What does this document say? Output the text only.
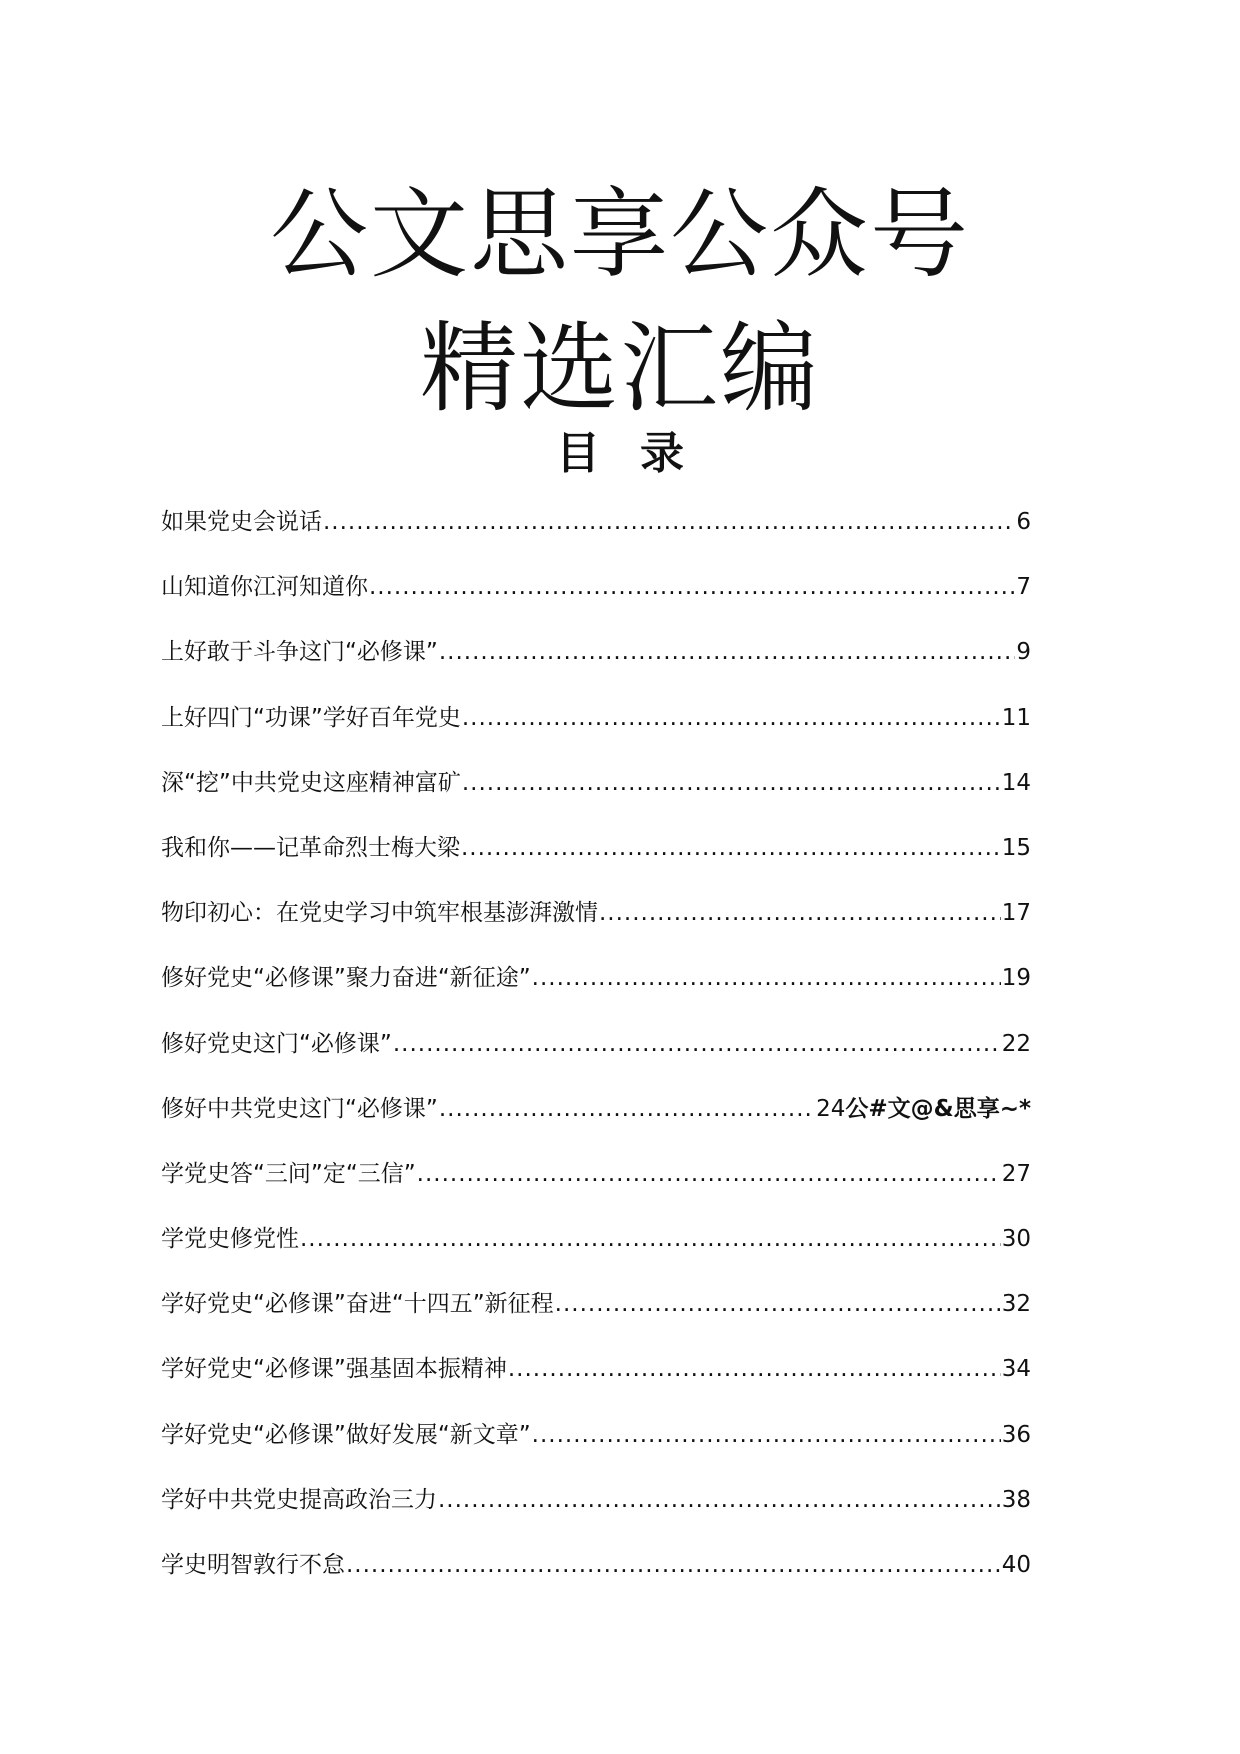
公文思享公众号
精选汇编
目 录
如果党史会说话 .....	6
山知道你江河知道你 .....	7
上好敢于斗争这门“必修课” .....	9
上好四门“功课”学好百年党史 .....	11
深“挖”中共党史这座精神富矿 .....	14
我和你——记革命烈士梅大梁 .....	15
物印初心：在党史学习中筑牢根基澎湃激情 .....	17
修好党史“必修课”聚力奋进“新征途” .....	19
修好党史这门“必修课” .....	22
修好中共党史这门“必修课” .....	24 公#文@&思享~*
学党史答“三问”定“三信” .....	27
学党史修党性 .....	30
学好党史“必修课”奋进“十四五”新征程 .....	32
学好党史“必修课”强基固本振精神 .....	34
学好党史“必修课”做好发展“新文章” .....	36
学好中共党史提高政治三力 .....	38
学史明智敦行不怠 .....	40
